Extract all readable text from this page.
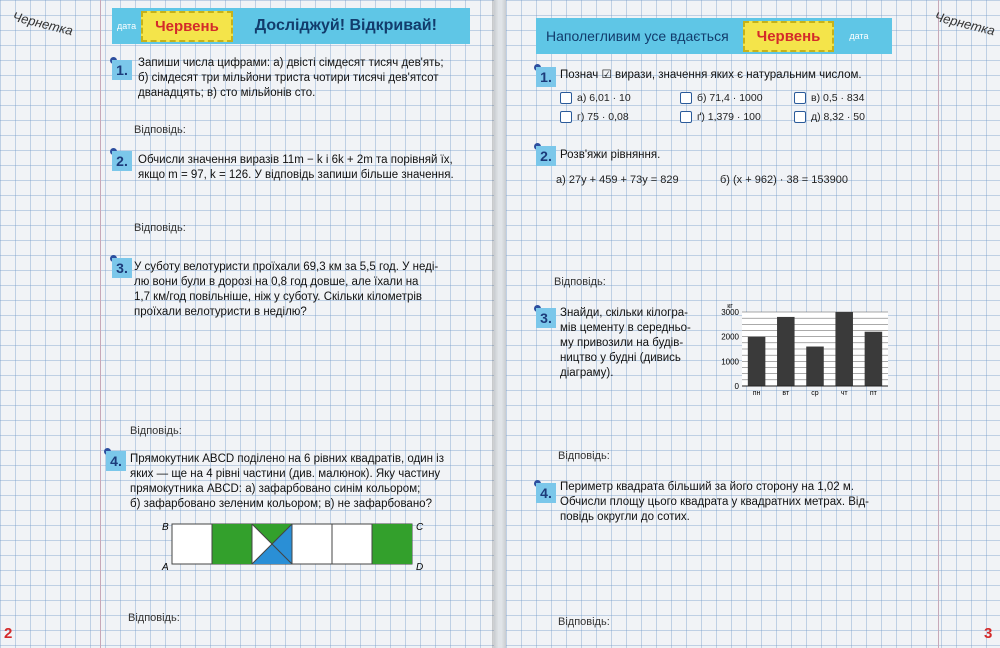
Чернетка	дата	Червень	Досліджуй! Відкривай!
1. Запиши числа цифрами: а) двісті сімдесят тисяч дев'ять;
б) сімдесят три мільйони триста чотири тисячі дев'ятсот
дванадцять; в) сто мільйонів сто.
Відповідь:
2. Обчисли значення виразів 11m − k і 6k + 2m та порівняй їх,
якщо m = 97, k = 126. У відповідь запиши більше значення.
Відповідь:
3. У суботу велотуристи проїхали 69,3 км за 5,5 год. У неді-
лю вони були в дорозі на 0,8 год довше, але їхали на
1,7 км/год повільніше, ніж у суботу. Скільки кілометрів
проїхали велотуристи в неділю?
Відповідь:
4. Прямокутник ABCD поділено на 6 рівних квадратів, один із
яких — ще на 4 рівні частини (див. малюнок). Яку частину
прямокутника ABCD: а) зафарбовано синім кольором;
б) зафарбовано зеленим кольором; в) не зафарбовано?
B
A
C
D
Відповідь:
2
Чернетка
Наполегливим усе вдається	Червень	дата
1. Познач ☑ вирази, значення яких є натуральним числом.
а) 6,01 · 10	б) 71,4 · 1000	в) 0,5 · 834
г) 75 · 0,08	ґ) 1,379 · 100	д) 8,32 · 50
2. Розв'яжи рівняння.
а) 27y + 459 + 73y = 829	б) (x + 962) · 38 = 153900
Відповідь:
3. Знайди, скільки кілогра-
мів цементу в середньо-
му привозили на будів-
ництво у будні (дивись
діаграму).
0
1000
2000
3000
кг
пн	вт	ср	чт	пт
Відповідь:
4. Периметр квадрата більший за його сторону на 1,02 м.
Обчисли площу цього квадрата у квадратних метрах. Від-
повідь округли до сотих.
Відповідь:
3
